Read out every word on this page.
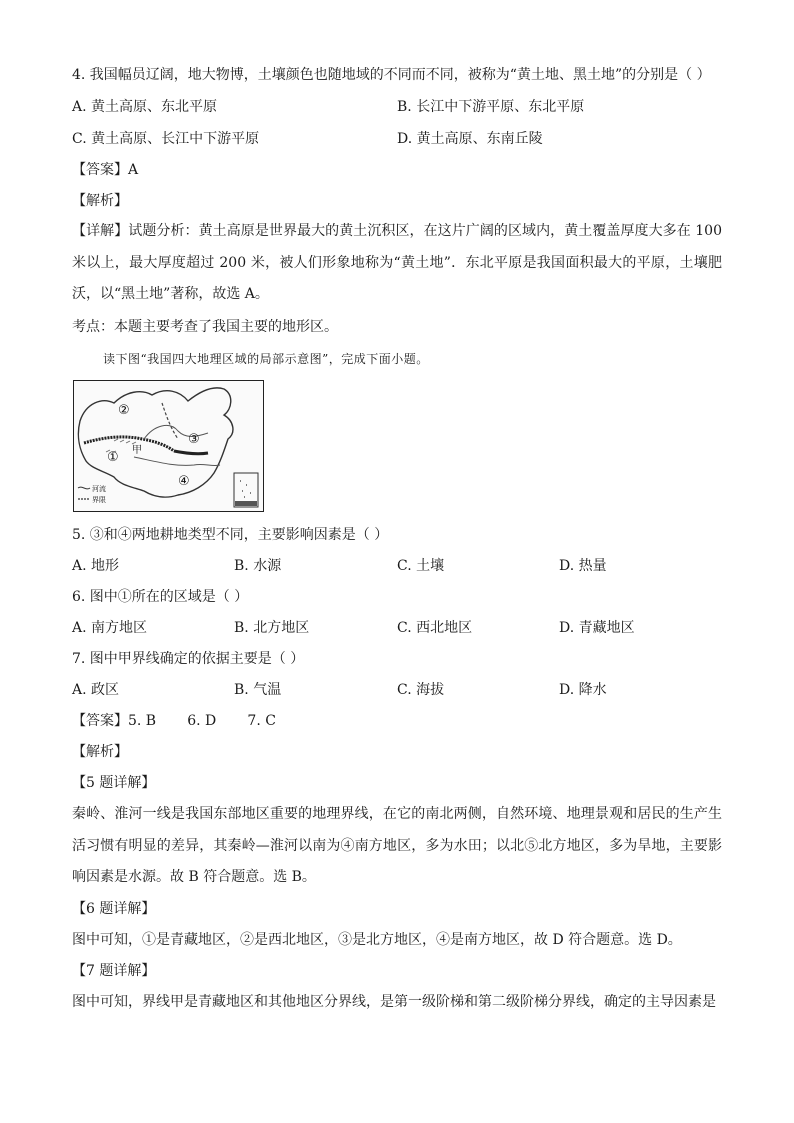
4. 我国幅员辽阔，地大物博，土壤颜色也随地域的不同而不同，被称为“黄土地、黑土地”的分别是（ ）
A. 黄土高原、东北平原	B. 长江中下游平原、东北平原
C. 黄土高原、长江中下游平原	D. 黄土高原、东南丘陵
【答案】A
【解析】
【详解】试题分析：黄土高原是世界最大的黄土沉积区，在这片广阔的区域内，黄土覆盖厚度大多在 100 米以上，最大厚度超过 200 米，被人们形象地称为“黄土地”．东北平原是我国面积最大的平原，土壤肥沃，以“黑土地”著称，故选 A。
考点：本题主要考查了我国主要的地形区。
读下图“我国四大地理区域的局部示意图”，完成下面小题。
②
甲
①
③
④
河流
界限
5. ③和④两地耕地类型不同，主要影响因素是（ ）
A. 地形	B. 水源	C. 土壤	D. 热量
6. 图中①所在的区域是（ ）
A. 南方地区	B. 北方地区	C. 西北地区	D. 青藏地区
7. 图中甲界线确定的依据主要是（ ）
A. 政区	B. 气温	C. 海拔	D. 降水
【答案】5. B       6. D       7. C
【解析】
【5 题详解】
秦岭、淮河一线是我国东部地区重要的地理界线，在它的南北两侧，自然环境、地理景观和居民的生产生活习惯有明显的差异，其秦岭—淮河以南为④南方地区，多为水田；以北⑤北方地区，多为旱地，主要影响因素是水源。故 B 符合题意。选 B。
【6 题详解】
图中可知，①是青藏地区，②是西北地区，③是北方地区，④是南方地区，故 D 符合题意。选 D。
【7 题详解】
图中可知，界线甲是青藏地区和其他地区分界线，是第一级阶梯和第二级阶梯分界线，确定的主导因素是
